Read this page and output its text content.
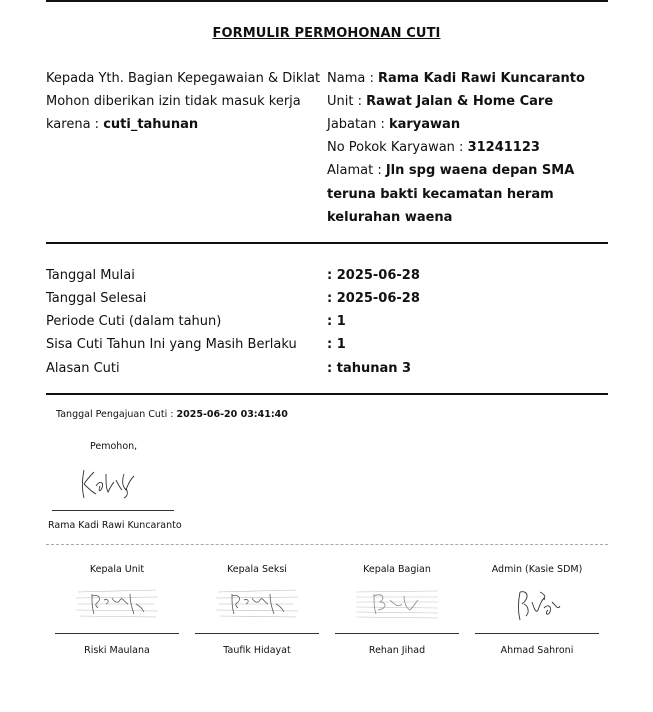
FORMULIR PERMOHONAN CUTI
Kepada Yth. Bagian Kepegawaian & Diklat
Mohon diberikan izin tidak masuk kerja
karena : cuti_tahunan
Nama : Rama Kadi Rawi Kuncaranto
Unit : Rawat Jalan & Home Care
Jabatan : karyawan
No Pokok Karyawan : 31241123
Alamat : Jln spg waena depan SMA teruna bakti kecamatan heram kelurahan waena
Tanggal Mulai	: 2025-06-28
Tanggal Selesai	: 2025-06-28
Periode Cuti (dalam tahun)	: 1
Sisa Cuti Tahun Ini yang Masih Berlaku : 1
Alasan Cuti	: tahunan 3
Tanggal Pengajuan Cuti : 2025-06-20 03:41:40
Pemohon,
Rama Kadi Rawi Kuncaranto
Kepala Unit	Kepala Seksi	Kepala Bagian	Admin (Kasie SDM)
Riski Maulana	Taufik Hidayat	Rehan Jihad	Ahmad Sahroni
